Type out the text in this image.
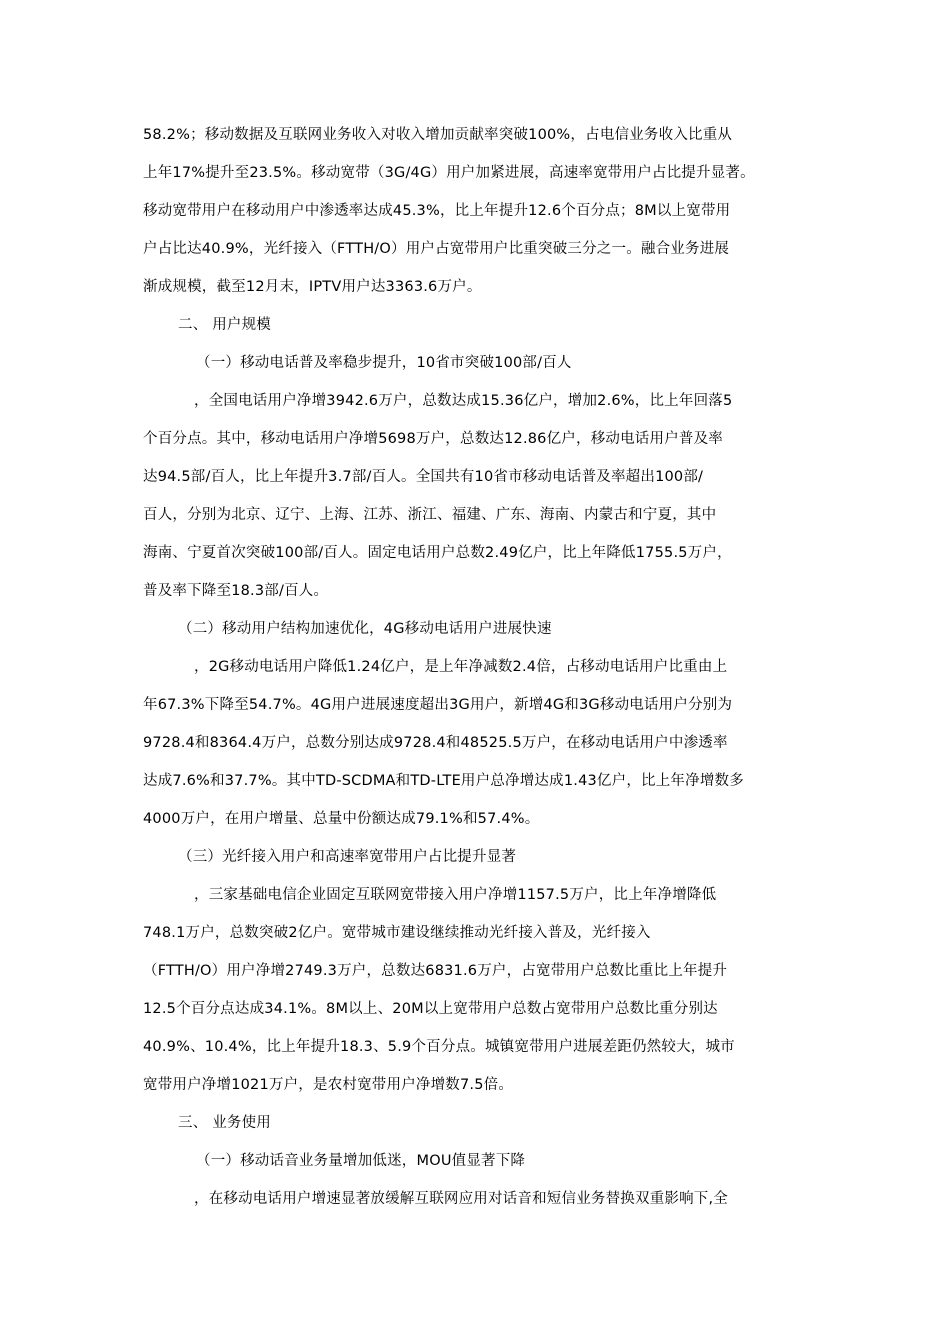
58.2%；移动数据及互联网业务收入对收入增加贡献率突破100%，占电信业务收入比重从
上年17%提升至23.5%。移动宽带（3G/4G）用户加紧进展，高速率宽带用户占比提升显著。
移动宽带用户在移动用户中渗透率达成45.3%，比上年提升12.6个百分点；8M以上宽带用
户占比达40.9%，光纤接入（FTTH/O）用户占宽带用户比重突破三分之一。融合业务进展
渐成规模，截至12月末，IPTV用户达3363.6万户。
二、 用户规模
（一）移动电话普及率稳步提升，10省市突破100部/百人
，全国电话用户净增3942.6万户，总数达成15.36亿户，增加2.6%，比上年回落5
个百分点。其中，移动电话用户净增5698万户，总数达12.86亿户，移动电话用户普及率
达94.5部/百人，比上年提升3.7部/百人。全国共有10省市移动电话普及率超出100部/
百人，分别为北京、辽宁、上海、江苏、浙江、福建、广东、海南、内蒙古和宁夏，其中
海南、宁夏首次突破100部/百人。固定电话用户总数2.49亿户，比上年降低1755.5万户，
普及率下降至18.3部/百人。
（二）移动用户结构加速优化，4G移动电话用户进展快速
，2G移动电话用户降低1.24亿户，是上年净减数2.4倍，占移动电话用户比重由上
年67.3%下降至54.7%。4G用户进展速度超出3G用户，新增4G和3G移动电话用户分别为
9728.4和8364.4万户，总数分别达成9728.4和48525.5万户，在移动电话用户中渗透率
达成7.6%和37.7%。其中TD-SCDMA和TD-LTE用户总净增达成1.43亿户，比上年净增数多
4000万户，在用户增量、总量中份额达成79.1%和57.4%。
（三）光纤接入用户和高速率宽带用户占比提升显著
，三家基础电信企业固定互联网宽带接入用户净增1157.5万户，比上年净增降低
748.1万户，总数突破2亿户。宽带城市建设继续推动光纤接入普及，光纤接入
（FTTH/O）用户净增2749.3万户，总数达6831.6万户，占宽带用户总数比重比上年提升
12.5个百分点达成34.1%。8M以上、20M以上宽带用户总数占宽带用户总数比重分别达
40.9%、10.4%，比上年提升18.3、5.9个百分点。城镇宽带用户进展差距仍然较大，城市
宽带用户净增1021万户，是农村宽带用户净增数7.5倍。
三、 业务使用
（一）移动话音业务量增加低迷，MOU值显著下降
，在移动电话用户增速显著放缓解互联网应用对话音和短信业务替换双重影响下,全
